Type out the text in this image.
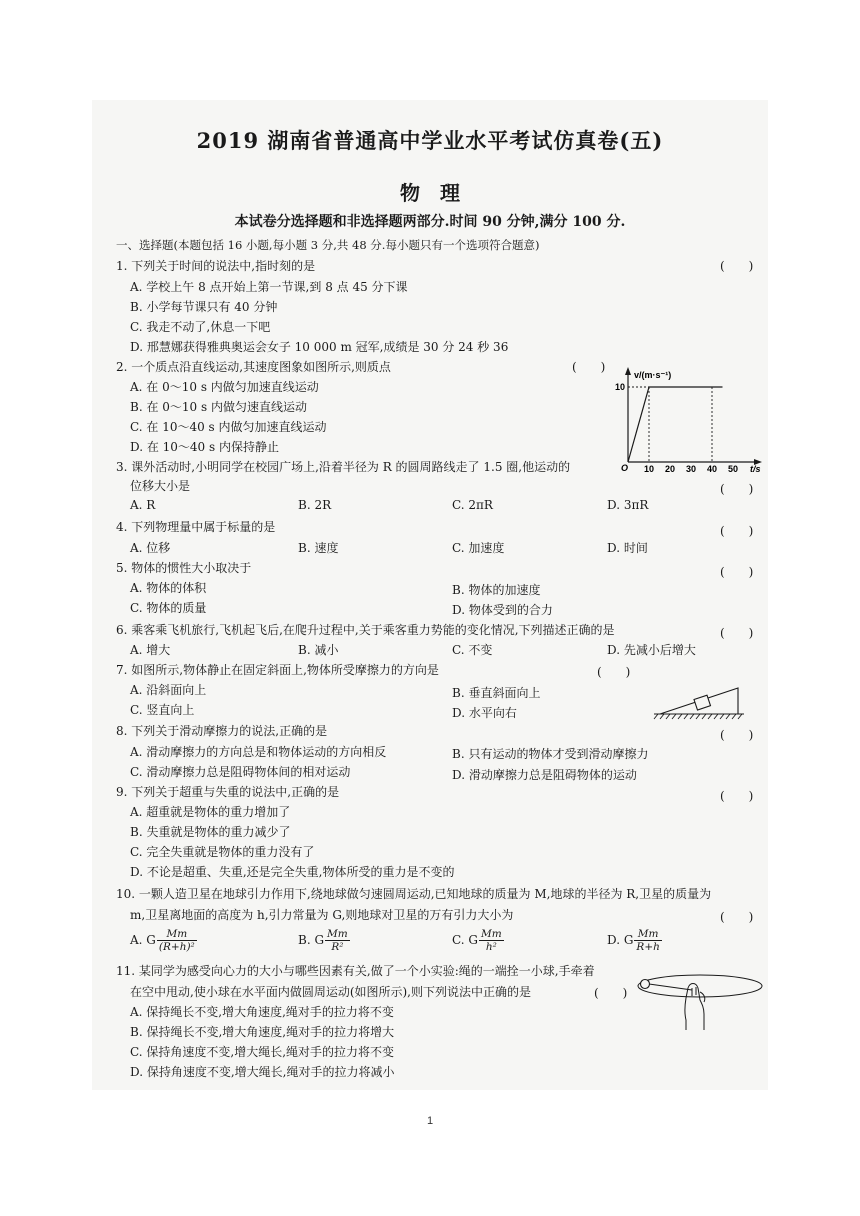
2019 湖南省普通高中学业水平考试仿真卷(五)
物　理
本试卷分选择题和非选择题两部分.时间 90 分钟,满分 100 分.
一、选择题(本题包括 16 小题,每小题 3 分,共 48 分.每小题只有一个选项符合题意)
1. 下列关于时间的说法中,指时刻的是	(　　)
A. 学校上午 8 点开始上第一节课,到 8 点 45 分下课
B. 小学每节课只有 40 分钟
C. 我走不动了,休息一下吧
D. 邢慧娜获得雅典奥运会女子 10 000 m 冠军,成绩是 30 分 24 秒 36
2. 一个质点沿直线运动,其速度图象如图所示,则质点	(　　)
A. 在 0～10 s 内做匀加速直线运动
B. 在 0～10 s 内做匀速直线运动
C. 在 10～40 s 内做匀加速直线运动
D. 在 10～40 s 内保持静止
v/(m·s⁻¹)
t/s
O 10 20 30 40 50
10
3. 课外活动时,小明同学在校园广场上,沿着半径为 R 的圆周路线走了 1.5 圈,他运动的
位移大小是	(　　)
A. R	B. 2R	C. 2πR	D. 3πR
4. 下列物理量中属于标量的是	(　　)
A. 位移	B. 速度	C. 加速度	D. 时间
5. 物体的惯性大小取决于	(　　)
A. 物体的体积	B. 物体的加速度
C. 物体的质量	D. 物体受到的合力
6. 乘客乘飞机旅行,飞机起飞后,在爬升过程中,关于乘客重力势能的变化情况,下列描述正确的是	(　　)
A. 增大	B. 减小	C. 不变	D. 先减小后增大
7. 如图所示,物体静止在固定斜面上,物体所受摩擦力的方向是	(　　)
A. 沿斜面向上	B. 垂直斜面向上
C. 竖直向上	D. 水平向右
8. 下列关于滑动摩擦力的说法,正确的是	(　　)
A. 滑动摩擦力的方向总是和物体运动的方向相反	B. 只有运动的物体才受到滑动摩擦力
C. 滑动摩擦力总是阻碍物体间的相对运动	D. 滑动摩擦力总是阻碍物体的运动
9. 下列关于超重与失重的说法中,正确的是	(　　)
A. 超重就是物体的重力增加了
B. 失重就是物体的重力减少了
C. 完全失重就是物体的重力没有了
D. 不论是超重、失重,还是完全失重,物体所受的重力是不变的
10. 一颗人造卫星在地球引力作用下,绕地球做匀速圆周运动,已知地球的质量为 M,地球的半径为 R,卫星的质量为
m,卫星离地面的高度为 h,引力常量为 G,则地球对卫星的万有引力大小为	(　　)
A. G $\frac{Mm}{\text{(R+h)²}}$	B. G $\frac{Mm}{\text{R²}}$	C. G $\frac{Mm}{\text{h²}}$	D. G $\frac{Mm}{R+h}$
11. 某同学为感受向心力的大小与哪些因素有关,做了一个小实验:绳的一端拴一小球,手牵着
在空中甩动,使小球在水平面内做圆周运动(如图所示),则下列说法中正确的是	(　　)
A. 保持绳长不变,增大角速度,绳对手的拉力将不变
B. 保持绳长不变,增大角速度,绳对手的拉力将增大
C. 保持角速度不变,增大绳长,绳对手的拉力将不变
D. 保持角速度不变,增大绳长,绳对手的拉力将减小
1
